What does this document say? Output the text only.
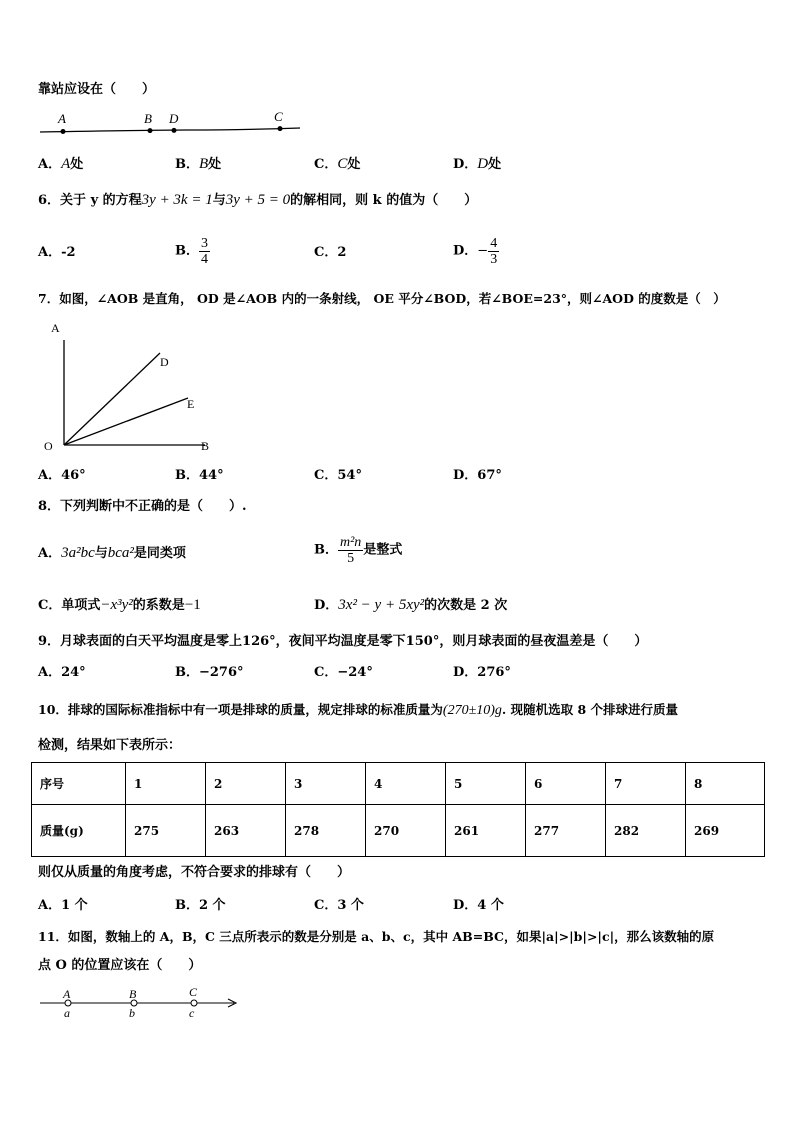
靠站应设在（　　）
A	B D	C
A．A处	B．B处	C．C处	D．D处
6．关于 y 的方程3y + 3k = 1与3y + 5 = 0的解相同，则 k 的值为（　　）
A．-2	B． $\frac{3}{4}$	C．2	D．− $\frac{4}{3}$
7．如图，∠AOB 是直角， OD 是∠AOB 内的一条射线， OE 平分∠BOD，若∠BOE=23°，则∠AOD 的度数是（　）
A
D
E
O	B
A．46°	B．44°	C．54°	D．67°
8．下列判断中不正确的是（　　）.
A．3a²bc与bca²是同类项	B． $\frac{\text{m²n}}{5}$ 是整式
C．单项式−x³y²的系数是−1	D．3x² − y + 5xy²的次数是 2 次
9．月球表面的白天平均温度是零上126°，夜间平均温度是零下150°，则月球表面的昼夜温差是（　　）
A．24°	B．−276°	C．−24°	D．276°
10．排球的国际标准指标中有一项是排球的质量，规定排球的标准质量为(270±10)g. 现随机选取 8 个排球进行质量
检测，结果如下表所示：
序号	1	2	3	4	5	6	7	8
质量(g)	275	263	278	270	261	277	282	269
则仅从质量的角度考虑，不符合要求的排球有（　　）
A．1 个	B．2 个	C．3 个	D．4 个
11．如图，数轴上的 A，B，C 三点所表示的数是分别是 a、b、c，其中 AB=BC，如果|a|>|b|>|c|，那么该数轴的原
点 O 的位置应该在（　　）
A	B	C
a	b	c
